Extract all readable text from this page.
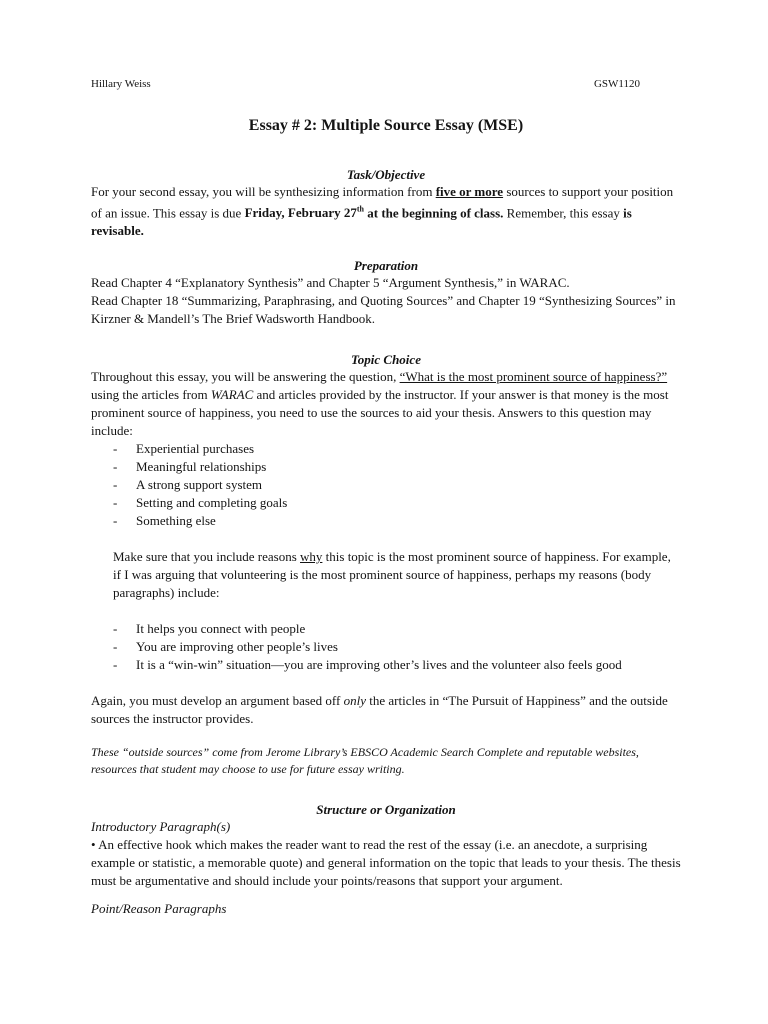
Hillary Weiss	GSW1120
Essay # 2: Multiple Source Essay (MSE)
Task/Objective

For your second essay, you will be synthesizing information from five or more sources to support your position of an issue. This essay is due Friday, February 27th at the beginning of class. Remember, this essay is revisable.

Preparation

Read Chapter 4 “Explanatory Synthesis” and Chapter 5 “Argument Synthesis,” in WARAC.

Read Chapter 18 “Summarizing, Paraphrasing, and Quoting Sources” and Chapter 19 “Synthesizing Sources” in Kirzner & Mandell’s The Brief Wadsworth Handbook.

Topic Choice

Throughout this essay, you will be answering the question, “What is the most prominent source of happiness?” using the articles from WARAC and articles provided by the instructor. If your answer is that money is the most prominent source of happiness, you need to use the sources to aid your thesis. Answers to this question may include:

- Experiential purchases
- Meaningful relationships
- A strong support system
- Setting and completing goals
- Something else

Make sure that you include reasons why this topic is the most prominent source of happiness. For example, if I was arguing that volunteering is the most prominent source of happiness, perhaps my reasons (body paragraphs) include:

- It helps you connect with people
- You are improving other people’s lives
- It is a “win-win” situation—you are improving other’s lives and the volunteer also feels good

Again, you must develop an argument based off only the articles in “The Pursuit of Happiness” and the outside sources the instructor provides.

These “outside sources” come from Jerome Library’s EBSCO Academic Search Complete and reputable websites, resources that student may choose to use for future essay writing.

Structure or Organization
Introductory Paragraph(s)

• An effective hook which makes the reader want to read the rest of the essay (i.e. an anecdote, a surprising example or statistic, a memorable quote) and general information on the topic that leads to your thesis. The thesis must be argumentative and should include your points/reasons that support your argument.

Point/Reason Paragraphs
